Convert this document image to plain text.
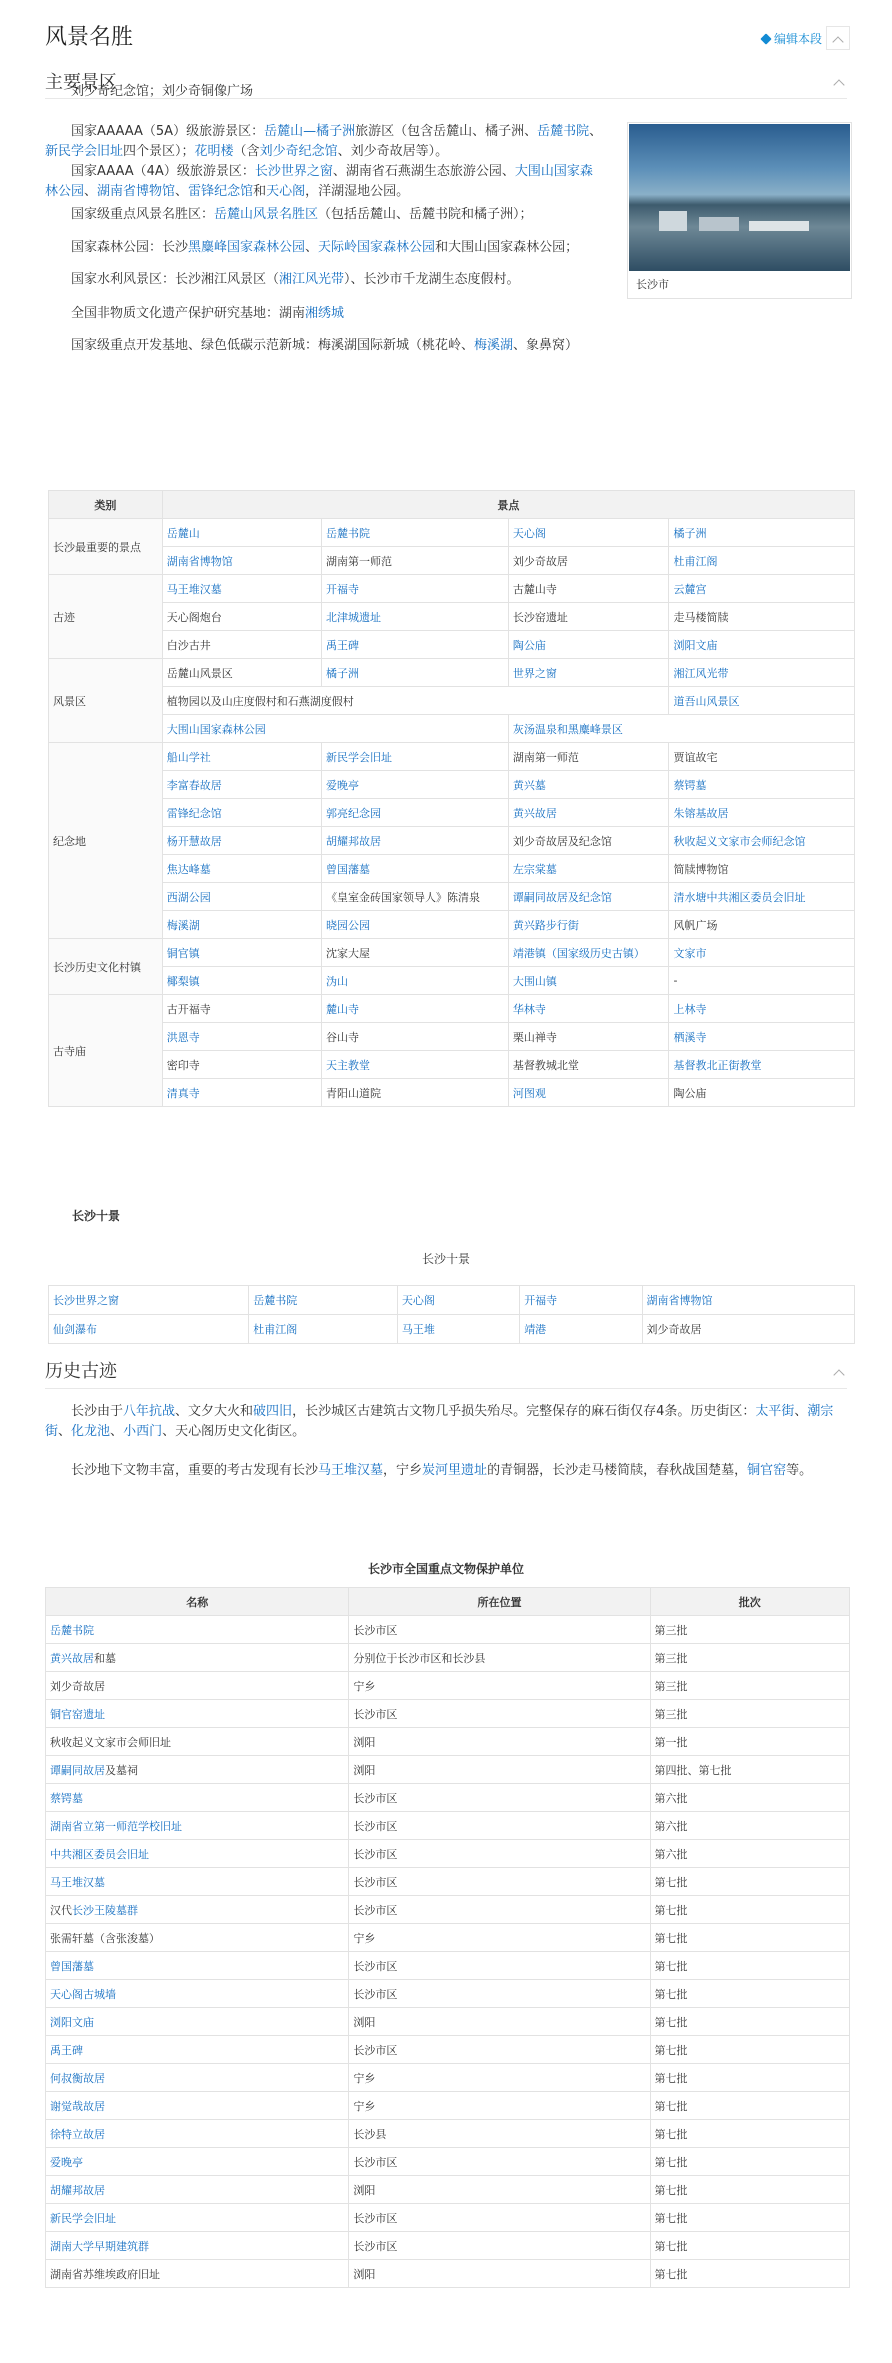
风景名胜	编辑本段
主要景区
刘少奇纪念馆；刘少奇铜像广场
国家AAAAA（5A）级旅游景区：岳麓山—橘子洲旅游区（包含岳麓山、橘子洲、岳麓书院、新民学会旧址四个景区）；花明楼（含刘少奇纪念馆、刘少奇故居等）。
国家AAAA（4A）级旅游景区：长沙世界之窗、湖南省石燕湖生态旅游公园、大围山国家森林公园、湖南省博物馆、雷锋纪念馆和天心阁，洋湖湿地公园。
国家级重点风景名胜区：岳麓山风景名胜区（包括岳麓山、岳麓书院和橘子洲）；
国家森林公园：长沙黑麋峰国家森林公园、天际岭国家森林公园和大围山国家森林公园；
国家水利风景区：长沙湘江风景区（湘江风光带）、长沙市千龙湖生态度假村。
全国非物质文化遗产保护研究基地：湖南湘绣城
国家级重点开发基地、绿色低碳示范新城：梅溪湖国际新城（桃花岭、梅溪湖、象鼻窝）
长沙市
类别	景点			
长沙最重要的景点	岳麓山	岳麓书院	天心阁	橘子洲
	湖南省博物馆	湖南第一师范	刘少奇故居	杜甫江阁
古迹	马王堆汉墓	开福寺	古麓山寺	云麓宫
	天心阁炮台	北津城遗址	长沙窑遗址	走马楼简牍
	白沙古井	禹王碑	陶公庙	浏阳文庙
风景区	岳麓山风景区	橘子洲	世界之窗	湘江风光带
	植物园以及山庄度假村和石燕湖度假村			道吾山风景区
	大围山国家森林公园		灰汤温泉和黑麋峰景区	
纪念地	船山学社	新民学会旧址	湖南第一师范	贾谊故宅
	李富春故居	爱晚亭	黄兴墓	蔡锷墓
	雷锋纪念馆	郭亮纪念园	黄兴故居	朱镕基故居
	杨开慧故居	胡耀邦故居	刘少奇故居及纪念馆	秋收起义文家市会师纪念馆
	焦达峰墓	曾国藩墓	左宗棠墓	简牍博物馆
	西湖公园	《皇室金砖国家领导人》陈清泉	谭嗣同故居及纪念馆	清水塘中共湘区委员会旧址
	梅溪湖	晓园公园	黄兴路步行街	风帆广场
长沙历史文化村镇	铜官镇	沈家大屋	靖港镇（国家级历史古镇）	文家市
	椰梨镇	沩山	大围山镇	-
古寺庙	古开福寺	麓山寺	华林寺	上林寺
	洪恩寺	谷山寺	栗山禅寺	栖溪寺
	密印寺	天主教堂	基督教城北堂	基督教北正街教堂
	清真寺	青阳山道院	河图观	陶公庙
长沙十景
长沙十景
长沙世界之窗	岳麓书院	天心阁	开福寺	湖南省博物馆
仙剑瀑布	杜甫江阁	马王堆	靖港	刘少奇故居
历史古迹
长沙由于八年抗战、文夕大火和破四旧，长沙城区古建筑古文物几乎损失殆尽。完整保存的麻石街仅存4条。历史街区：太平街、潮宗街、化龙池、小西门、天心阁历史文化街区。
长沙地下文物丰富，重要的考古发现有长沙马王堆汉墓，宁乡炭河里遗址的青铜器，长沙走马楼简牍，春秋战国楚墓，铜官窑等。
长沙市全国重点文物保护单位
名称	所在位置	批次
岳麓书院	长沙市区	第三批
黄兴故居和墓	分别位于长沙市区和长沙县	第三批
刘少奇故居	宁乡	第三批
铜官窑遗址	长沙市区	第三批
秋收起义文家市会师旧址	浏阳	第一批
谭嗣同故居及墓祠	浏阳	第四批、第七批
蔡锷墓	长沙市区	第六批
湖南省立第一师范学校旧址	长沙市区	第六批
中共湘区委员会旧址	长沙市区	第六批
马王堆汉墓	长沙市区	第七批
汉代长沙王陵墓群	长沙市区	第七批
张需轩墓（含张浚墓）	宁乡	第七批
曾国藩墓	长沙市区	第七批
天心阁古城墙	长沙市区	第七批
浏阳文庙	浏阳	第七批
禹王碑	长沙市区	第七批
何叔衡故居	宁乡	第七批
谢觉哉故居	宁乡	第七批
徐特立故居	长沙县	第七批
爱晚亭	长沙市区	第七批
胡耀邦故居	浏阳	第七批
新民学会旧址	长沙市区	第七批
湖南大学早期建筑群	长沙市区	第七批
湖南省苏维埃政府旧址	浏阳	第七批
